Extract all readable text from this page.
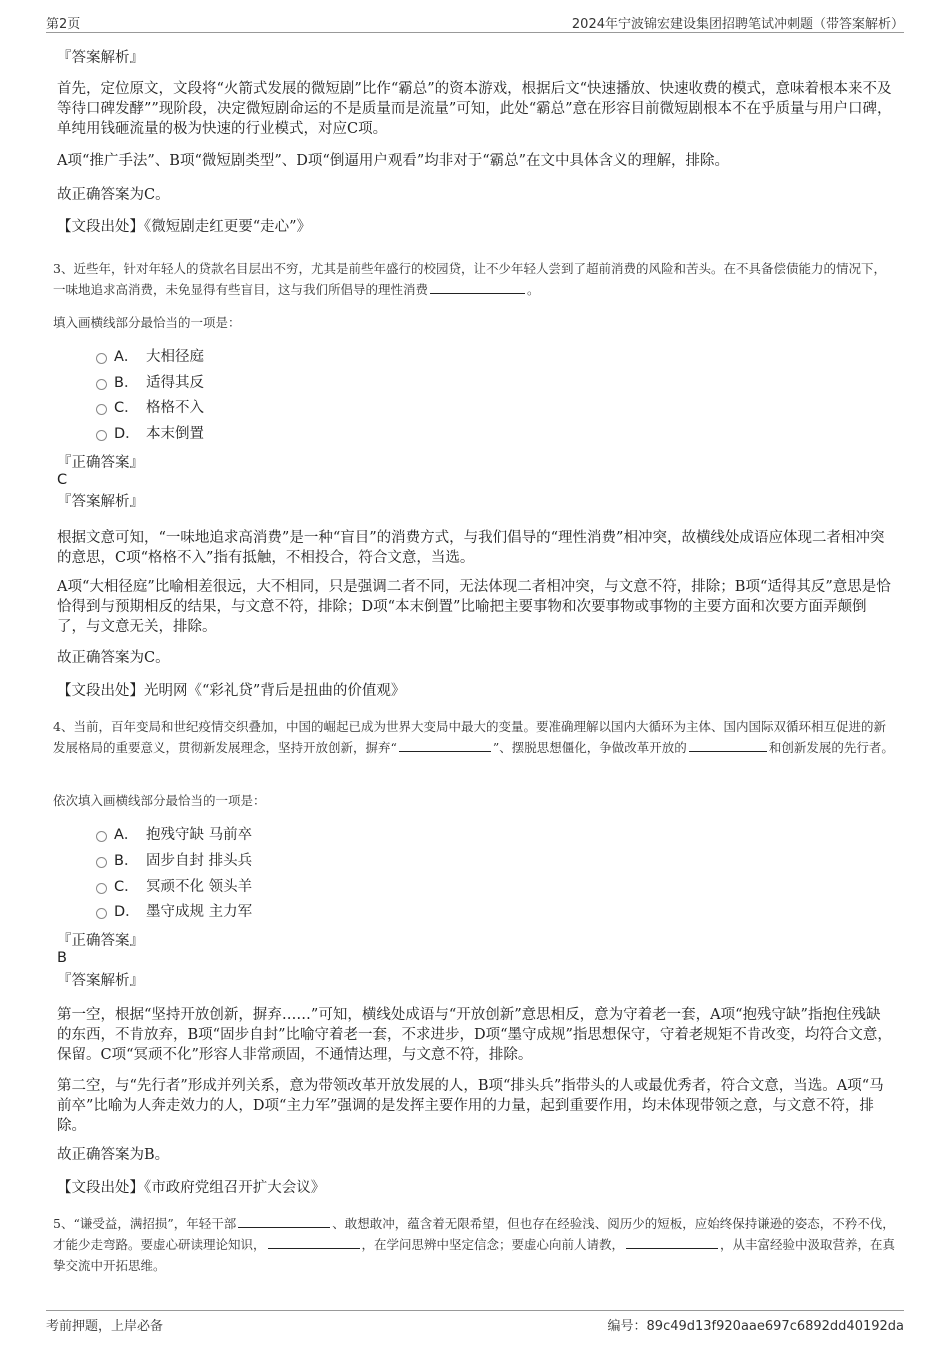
第2页	2024年宁波锦宏建设集团招聘笔试冲刺题（带答案解析）
『答案解析』
首先，定位原文，文段将“火箭式发展的微短剧”比作“霸总”的资本游戏，根据后文“快速播放、快速收费的模式，意味着根本来不及等待口碑发酵””现阶段，决定微短剧命运的不是质量而是流量”可知，此处“霸总”意在形容目前微短剧根本不在乎质量与用户口碑，单纯用钱砸流量的极为快速的行业模式，对应C项。
A项“推广手法”、B项“微短剧类型”、D项“倒逼用户观看”均非对于“霸总”在文中具体含义的理解，排除。
故正确答案为C。
【文段出处】《微短剧走红更要“走心”》
3、近些年，针对年轻人的贷款名目层出不穷，尤其是前些年盛行的校园贷，让不少年轻人尝到了超前消费的风险和苦头。在不具备偿债能力的情况下，一味地追求高消费，未免显得有些盲目，这与我们所倡导的理性消费	。
填入画横线部分最恰当的一项是：
A． 大相径庭
B． 适得其反
C． 格格不入
D． 本末倒置
『正确答案』
C
『答案解析』
根据文意可知，“一味地追求高消费”是一种“盲目”的消费方式，与我们倡导的“理性消费”相冲突，故横线处成语应体现二者相冲突的意思，C项“格格不入”指有抵触，不相投合，符合文意，当选。
A项“大相径庭”比喻相差很远，大不相同，只是强调二者不同，无法体现二者相冲突，与文意不符，排除；B项“适得其反”意思是恰恰得到与预期相反的结果，与文意不符，排除；D项“本末倒置”比喻把主要事物和次要事物或事物的主要方面和次要方面弄颠倒了，与文意无关，排除。
故正确答案为C。
【文段出处】光明网《“彩礼贷”背后是扭曲的价值观》
4、当前，百年变局和世纪疫情交织叠加，中国的崛起已成为世界大变局中最大的变量。要准确理解以国内大循环为主体、国内国际双循环相互促进的新发展格局的重要意义，贯彻新发展理念，坚持开放创新，摒弃“	”、摆脱思想僵化，争做改革开放的	和创新发展的先行者。
依次填入画横线部分最恰当的一项是：
A． 抱残守缺 马前卒
B． 固步自封 排头兵
C． 冥顽不化 领头羊
D． 墨守成规 主力军
『正确答案』
B
『答案解析』
第一空，根据“坚持开放创新，摒弃……”可知，横线处成语与“开放创新”意思相反，意为守着老一套，A项“抱残守缺”指抱住残缺的东西，不肯放弃，B项“固步自封”比喻守着老一套，不求进步，D项“墨守成规”指思想保守，守着老规矩不肯改变，均符合文意，保留。C项“冥顽不化”形容人非常顽固，不通情达理，与文意不符，排除。
第二空，与“先行者”形成并列关系，意为带领改革开放发展的人，B项“排头兵”指带头的人或最优秀者，符合文意，当选。A项“马前卒”比喻为人奔走效力的人，D项“主力军”强调的是发挥主要作用的力量，起到重要作用，均未体现带领之意，与文意不符，排除。
故正确答案为B。
【文段出处】《市政府党组召开扩大会议》
5、“谦受益，满招损”，年轻干部	、敢想敢冲，蕴含着无限希望，但也存在经验浅、阅历少的短板，应始终保持谦逊的姿态，不矜不伐，才能少走弯路。要虚心研读理论知识，	，在学问思辨中坚定信念；要虚心向前人请教，	，从丰富经验中汲取营养，在真挚交流中开拓思维。
考前押题，上岸必备	编号：89c49d13f920aae697c6892dd40192da
